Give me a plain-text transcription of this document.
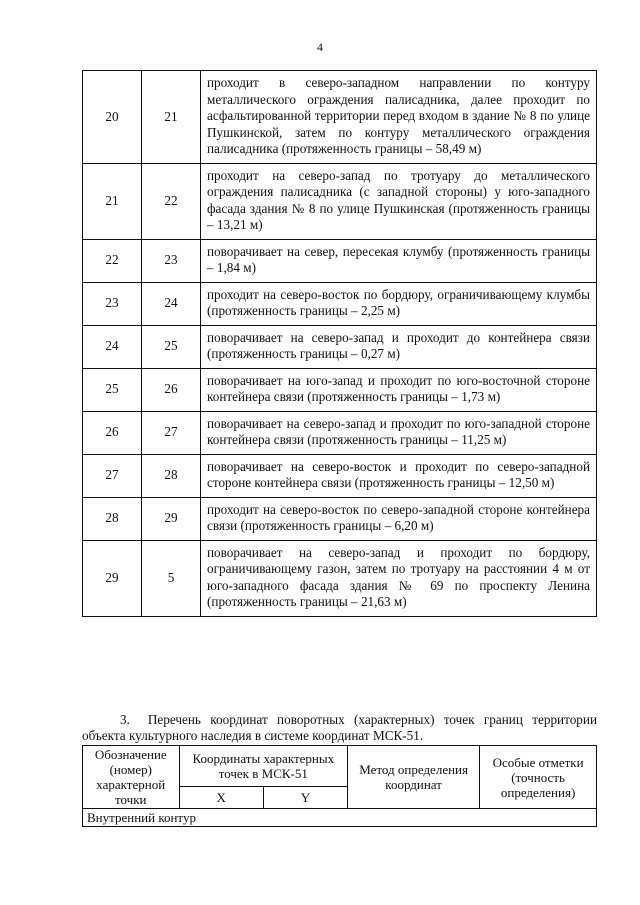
4
20	21	проходит в северо-западном направлении по контуру металлического ограждения палисадника, далее проходит по асфальтированной территории перед входом в здание № 8 по улице Пушкинской, затем по контуру металлического ограждения палисадника (протяженность границы – 58,49 м)
21	22	проходит на северо-запад по тротуару до металлического ограждения палисадника (с западной стороны) у юго-западного фасада здания № 8 по улице Пушкинская (протяженность границы – 13,21 м)
22	23	поворачивает на север, пересекая клумбу (протяженность границы – 1,84 м)
23	24	проходит на северо-восток по бордюру, ограничивающему клумбы (протяженность границы – 2,25 м)
24	25	поворачивает на северо-запад и проходит до контейнера связи (протяженность границы – 0,27 м)
25	26	поворачивает на юго-запад и проходит по юго-восточной стороне контейнера связи (протяженность границы – 1,73 м)
26	27	поворачивает на северо-запад и проходит по юго-западной стороне контейнера связи (протяженность границы – 11,25 м)
27	28	поворачивает на северо-восток и проходит по северо-западной стороне контейнера связи (протяженность границы – 12,50 м)
28	29	проходит на северо-восток по северо-западной стороне контейнера связи (протяженность границы – 6,20 м)
29	5	поворачивает на северо-запад и проходит по бордюру, ограничивающему газон, затем по тротуару на расстоянии 4 м от юго-западного фасада здания № 69 по проспекту Ленина (протяженность границы – 21,63 м)
3. Перечень координат поворотных (характерных) точек границ территории объекта культурного наследия в системе координат МСК-51.
Обозначение (номер) характерной точки	Координаты характерных точек в МСК-51		Метод определения координат	Особые отметки (точность определения)
	X	Y		
Внутренний контур				
